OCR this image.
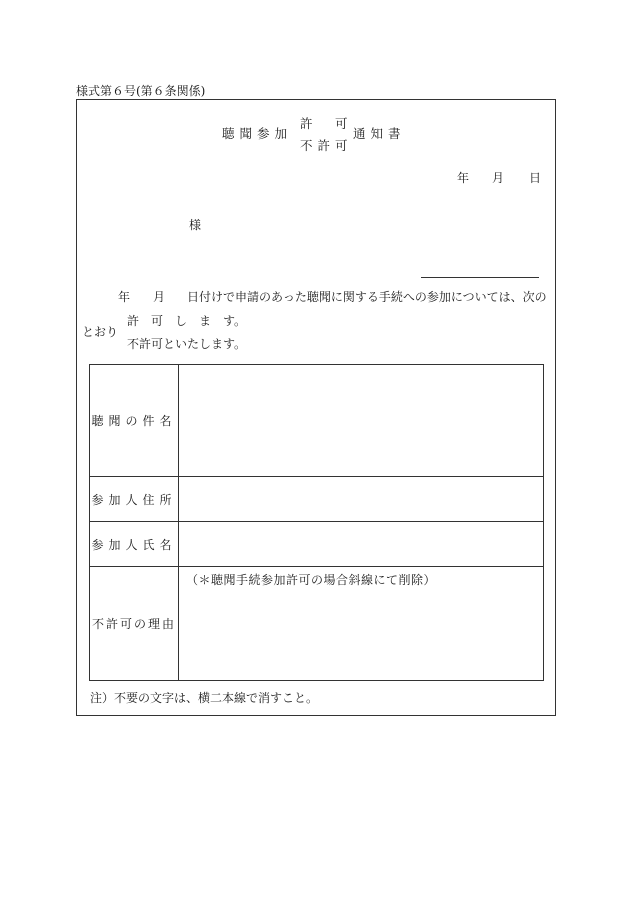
様式第６号(第６条関係)
聴聞参加
許　可
不許可
通知書
年 月 日
様
年 月 日付けで申請のあった聴聞に関する手続への参加については、次の
とおり
許　可　し　ま　す。
不許可といたします。
聴聞の件名	
参加人住所	
参加人氏名	
不許可の理由	（＊聴聞手続参加許可の場合斜線にて削除）
注）不要の文字は、横二本線で消すこと。
